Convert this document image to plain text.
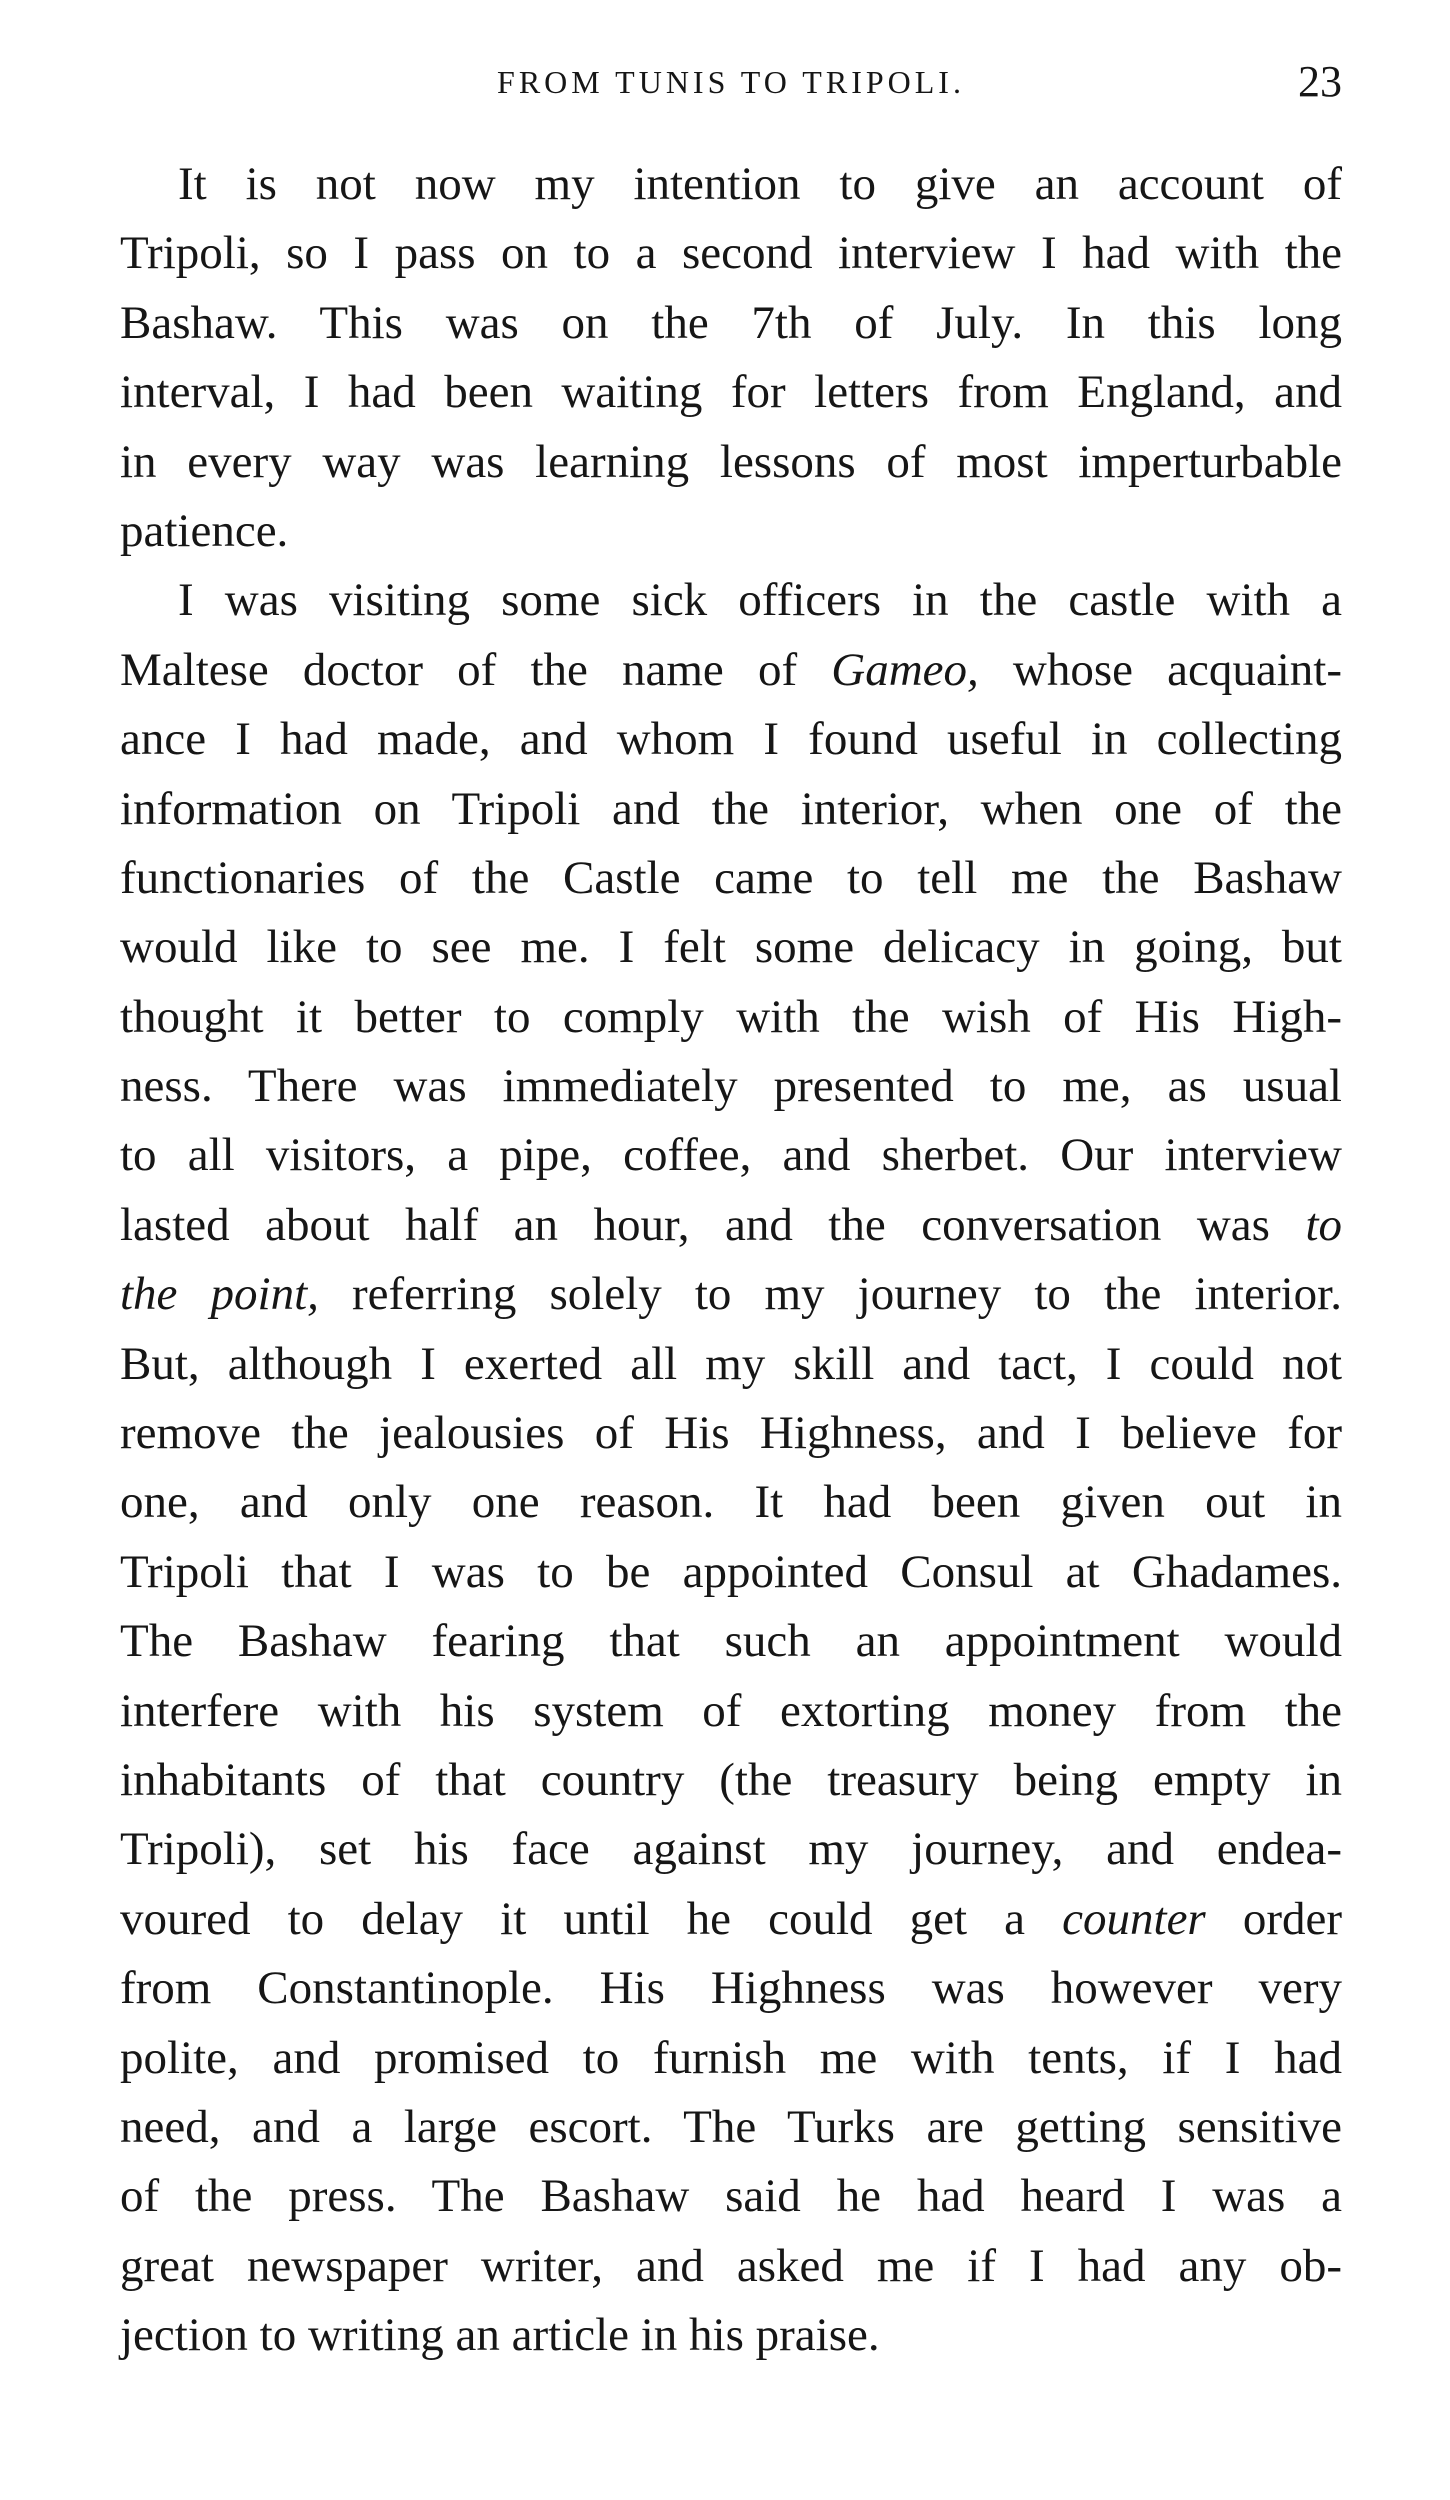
FROM TUNIS TO TRIPOLI.	23
It is not now my intention to give an account of
Tripoli, so I pass on to a second interview I had with the
Bashaw. This was on the 7th of July. In this long
interval, I had been waiting for letters from England, and
in every way was learning lessons of most imperturbable
patience.
I was visiting some sick officers in the castle with a
Maltese doctor of the name of Gameo, whose acquaint-
ance I had made, and whom I found useful in collecting
information on Tripoli and the interior, when one of the
functionaries of the Castle came to tell me the Bashaw
would like to see me. I felt some delicacy in going, but
thought it better to comply with the wish of His High-
ness. There was immediately presented to me, as usual
to all visitors, a pipe, coffee, and sherbet. Our interview
lasted about half an hour, and the conversation was to
the point, referring solely to my journey to the interior.
But, although I exerted all my skill and tact, I could not
remove the jealousies of His Highness, and I believe for
one, and only one reason. It had been given out in
Tripoli that I was to be appointed Consul at Ghadames.
The Bashaw fearing that such an appointment would
interfere with his system of extorting money from the
inhabitants of that country (the treasury being empty in
Tripoli), set his face against my journey, and endea-
voured to delay it until he could get a counter order
from Constantinople. His Highness was however very
polite, and promised to furnish me with tents, if I had
need, and a large escort. The Turks are getting sensitive
of the press. The Bashaw said he had heard I was a
great newspaper writer, and asked me if I had any ob-
jection to writing an article in his praise.
